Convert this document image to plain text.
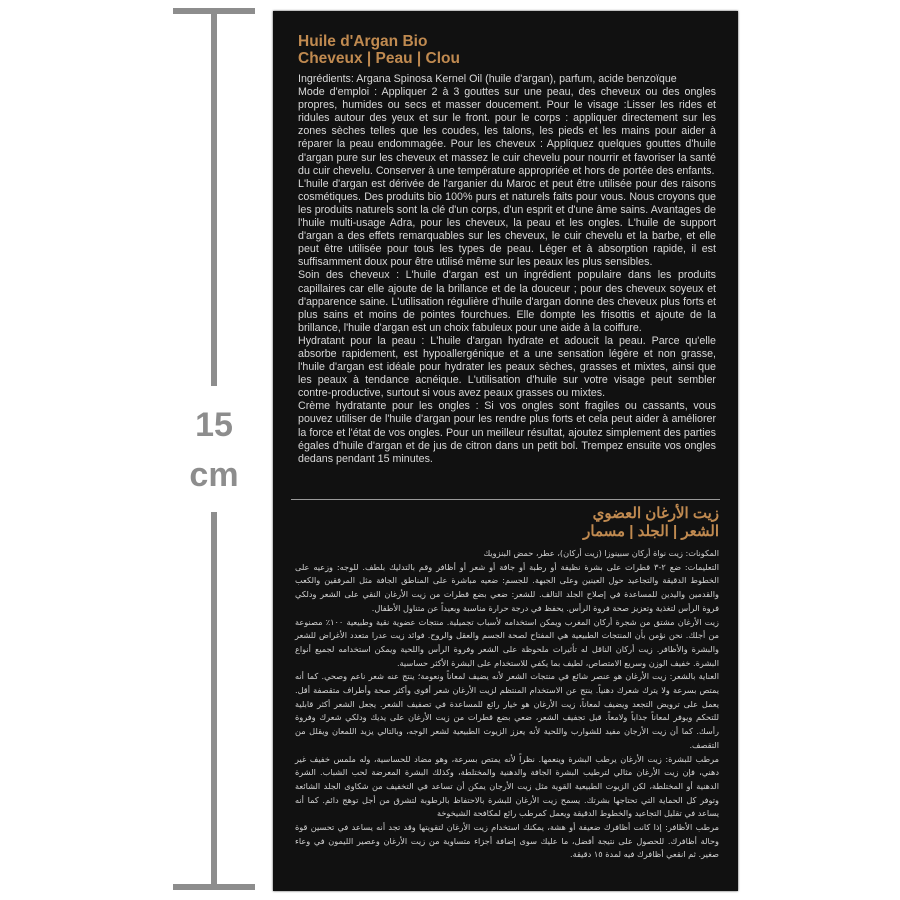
15
cm
Huile d'Argan Bio
Cheveux | Peau | Clou

Ingrédients: Argana Spinosa Kernel Oil (huile d'argan), parfum, acide benzoïque

Mode d'emploi : Appliquer 2 à 3 gouttes sur une peau, des cheveux ou des ongles propres, humides ou secs et masser doucement. Pour le visage :Lisser les rides et ridules autour des yeux et sur le front. pour le corps : appliquer directement sur les zones sèches telles que les coudes, les talons, les pieds et les mains pour aider à réparer la peau endommagée. Pour les cheveux : Appliquez quelques gouttes d'huile d'argan pure sur les cheveux et massez le cuir chevelu pour nourrir et favoriser la santé du cuir chevelu. Conserver à une température appropriée et hors de portée des enfants.

L'huile d'argan est dérivée de l'arganier du Maroc et peut être utilisée pour des raisons cosmétiques. Des produits bio 100% purs et naturels faits pour vous. Nous croyons que les produits naturels sont la clé d'un corps, d'un esprit et d'une âme sains. Avantages de l'huile multi-usage Adra, pour les cheveux, la peau et les ongles. L'huile de support d'argan a des effets remarquables sur les cheveux, le cuir chevelu et la barbe, et elle peut être utilisée pour tous les types de peau. Léger et à absorption rapide, il est suffisamment doux pour être utilisé même sur les peaux les plus sensibles.

Soin des cheveux : L'huile d'argan est un ingrédient populaire dans les produits capillaires car elle ajoute de la brillance et de la douceur ; pour des cheveux soyeux et d'apparence saine. L'utilisation régulière d'huile d'argan donne des cheveux plus forts et plus sains et moins de pointes fourchues. Elle dompte les frisottis et ajoute de la brillance, l'huile d'argan est un choix fabuleux pour une aide à la coiffure.

Hydratant pour la peau : L'huile d'argan hydrate et adoucit la peau. Parce qu'elle absorbe rapidement, est hypoallergénique et a une sensation légère et non grasse, l'huile d'argan est idéale pour hydrater les peaux sèches, grasses et mixtes, ainsi que les peaux à tendance acnéique. L'utilisation d'huile sur votre visage peut sembler contre-productive, surtout si vous avez peaux grasses ou mixtes.

Crème hydratante pour les ongles : Si vos ongles sont fragiles ou cassants, vous pouvez utiliser de l'huile d'argan pour les rendre plus forts et cela peut aider à améliorer la force et l'état de vos ongles. Pour un meilleur résultat, ajoutez simplement des parties égales d'huile d'argan et de jus de citron dans un petit bol. Trempez ensuite vos ongles dedans pendant 15 minutes.

زيت الأرغان العضوي
الشعر | الجلد | مسمار

المكونات: زيت نواة أركان سبينوزا (زيت أركان)، عطر، حمض البنزويك

التعليمات: ضع ٢-٣ قطرات على بشرة نظيفة أو رطبة أو جافة أو شعر أو أظافر وقم بالتدليك بلطف. للوجه: وزعيه على الخطوط الدقيقة والتجاعيد حول العينين وعلى الجبهة. للجسم: ضعيه مباشرة على المناطق الجافة مثل المرفقين والكعب والقدمين واليدين للمساعدة في إصلاح الجلد التالف. للشعر: ضعي بضع قطرات من زيت الأرغان النقي على الشعر ودلكي فروة الرأس لتغذية وتعزيز صحة فروة الرأس. يحفظ في درجة حرارة مناسبة وبعيداً عن متناول الأطفال.

زيت الأرغان مشتق من شجرة أركان المغرب ويمكن استخدامه لأسباب تجميلية. منتجات عضوية نقية وطبيعية ١٠٠٪ مصنوعة من أجلك. نحن نؤمن بأن المنتجات الطبيعية هي المفتاح لصحة الجسم والعقل والروح. فوائد زيت عدرا متعدد الأغراض للشعر والبشرة والأظافر. زيت أركان الناقل له تأثيرات ملحوظة على الشعر وفروة الرأس واللحية ويمكن استخدامه لجميع أنواع البشرة. خفيف الوزن وسريع الامتصاص، لطيف بما يكفي للاستخدام على البشرة الأكثر حساسية.

العناية بالشعر: زيت الأرغان هو عنصر شائع في منتجات الشعر لأنه يضيف لمعاناً ونعومة؛ ينتج عنه شعر ناعم وصحي. كما أنه يمتص بسرعة ولا يترك شعرك دهنياً. ينتج عن الاستخدام المنتظم لزيت الأرغان شعر أقوى وأكثر صحة وأطراف متقصفة أقل. يعمل على ترويض التجعد ويضيف لمعاناً، زيت الأرغان هو خيار رائع للمساعدة في تصفيف الشعر. يجعل الشعر أكثر قابلية للتحكم ويوفر لمعاناً جذاباً ولامعاً. قبل تجفيف الشعر، ضعي بضع قطرات من زيت الأرغان على يديك ودلكي شعرك وفروة رأسك. كما أن زيت الأرجان مفيد للشوارب واللحية لأنه يعزز الزيوت الطبيعية لشعر الوجه، وبالتالي يزيد اللمعان ويقلل من التقصف.

مرطب للبشرة: زيت الأرغان يرطب البشرة وينعمها. نظراً لأنه يمتص بسرعة، وهو مضاد للحساسية، وله ملمس خفيف غير دهني، فإن زيت الأرغان مثالي لترطيب البشرة الجافة والدهنية والمختلطة، وكذلك البشرة المعرضة لحب الشباب. الشرة الدهنية أو المختلطة، لكن الزيوت الطبيعية القوية مثل زيت الأرجان يمكن أن تساعد في التخفيف من شكاوى الجلد الشائعة وتوفر كل الحماية التي تحتاجها بشرتك. يسمح زيت الأرغان للبشرة بالاحتفاظ بالرطوبة لتشرق من أجل توهج دائم. كما أنه يساعد في تقليل التجاعيد والخطوط الدقيقة ويعمل كمرطب رائع لمكافحة الشيخوخة

مرطب الأظافر: إذا كانت أظافرك ضعيفة أو هشة، يمكنك استخدام زيت الأرغان لتقويتها وقد تجد أنه يساعد في تحسين قوة وحالة أظافرك. للحصول على نتيجة أفضل، ما عليك سوى إضافة أجزاء متساوية من زيت الأرغان وعصير الليمون في وعاء صغير. ثم انقعي أظافرك فيه لمدة ١٥ دقيقة.
